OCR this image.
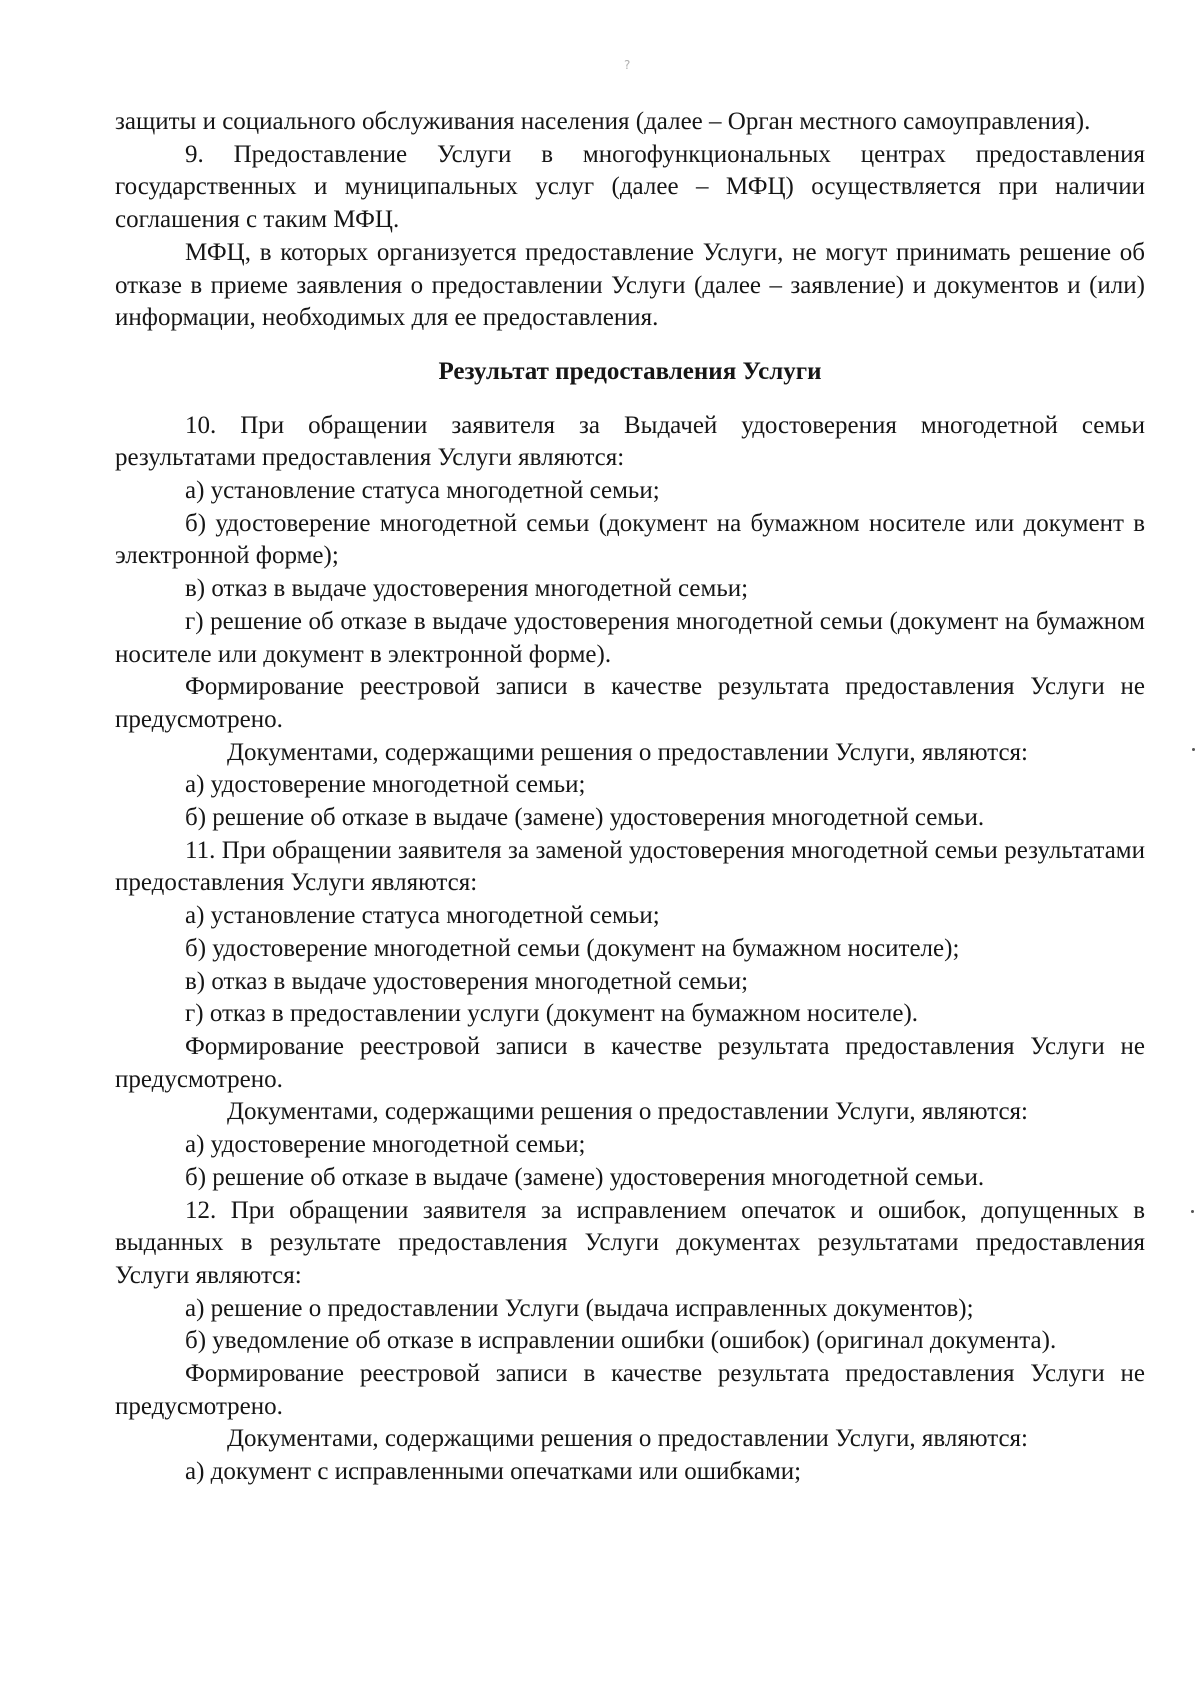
?

защиты и социального обслуживания населения (далее – Орган местного самоуправления).

9. Предоставление Услуги в многофункциональных центрах предоставления государственных и муниципальных услуг (далее – МФЦ) осуществляется при наличии соглашения с таким МФЦ.

МФЦ, в которых организуется предоставление Услуги, не могут принимать решение об отказе в приеме заявления о предоставлении Услуги (далее – заявление) и документов и (или) информации, необходимых для ее предоставления.

Результат предоставления Услуги

10. При обращении заявителя за Выдачей удостоверения многодетной семьи результатами предоставления Услуги являются:

а) установление статуса многодетной семьи;

б) удостоверение многодетной семьи (документ на бумажном носителе или документ в электронной форме);

в) отказ в выдаче удостоверения многодетной семьи;

г) решение об отказе в выдаче удостоверения многодетной семьи (документ на бумажном носителе или документ в электронной форме).

Формирование реестровой записи в качестве результата предоставления Услуги не предусмотрено.

Документами, содержащими решения о предоставлении Услуги, являются:

а) удостоверение многодетной семьи;

б) решение об отказе в выдаче (замене) удостоверения многодетной семьи.

11. При обращении заявителя за заменой удостоверения многодетной семьи результатами предоставления Услуги являются:

а) установление статуса многодетной семьи;

б) удостоверение многодетной семьи (документ на бумажном носителе);

в) отказ в выдаче удостоверения многодетной семьи;

г) отказ в предоставлении услуги (документ на бумажном носителе).

Формирование реестровой записи в качестве результата предоставления Услуги не предусмотрено.

Документами, содержащими решения о предоставлении Услуги, являются:

а) удостоверение многодетной семьи;

б) решение об отказе в выдаче (замене) удостоверения многодетной семьи.

12. При обращении заявителя за исправлением опечаток и ошибок, допущенных в выданных в результате предоставления Услуги документах результатами предоставления Услуги являются:

а) решение о предоставлении Услуги (выдача исправленных документов);

б) уведомление об отказе в исправлении ошибки (ошибок) (оригинал документа).

Формирование реестровой записи в качестве результата предоставления Услуги не предусмотрено.

Документами, содержащими решения о предоставлении Услуги, являются:

а) документ с исправленными опечатками или ошибками;
